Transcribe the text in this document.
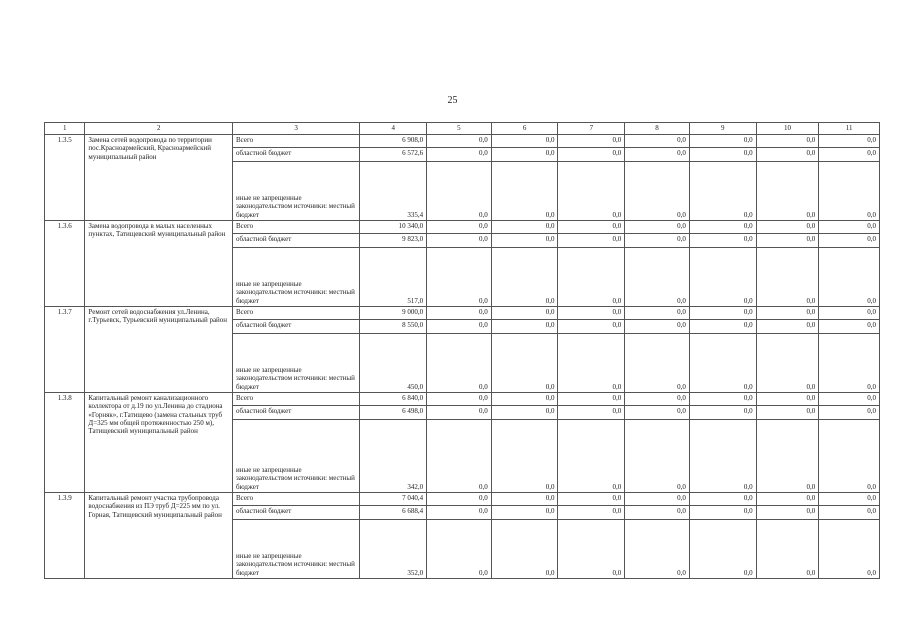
25
1	2	3	4	5	6	7	8	9	10	11
1.3.5	Замена сетей водопровода по территории пос.Красноармейский, Красноармейский муниципальный район	Всего	6 908,0	0,0	0,0	0,0	0,0	0,0	0,0	0,0
		областной бюджет	6 572,6	0,0	0,0	0,0	0,0	0,0	0,0	0,0
		иные не запрещенные законодательством источники: местный бюджет	335,4	0,0	0,0	0,0	0,0	0,0	0,0	0,0
1.3.6	Замена водопровода в малых населенных пунктах, Татищевский муниципальный район	Всего	10 340,0	0,0	0,0	0,0	0,0	0,0	0,0	0,0
		областной бюджет	9 823,0	0,0	0,0	0,0	0,0	0,0	0,0	0,0
		иные не запрещенные законодательством источники: местный бюджет	517,0	0,0	0,0	0,0	0,0	0,0	0,0	0,0
1.3.7	Ремонт сетей водоснабжения ул.Ленина, г.Турьевск, Турьевский муниципальный район	Всего	9 000,0	0,0	0,0	0,0	0,0	0,0	0,0	0,0
		областной бюджет	8 550,0	0,0	0,0	0,0	0,0	0,0	0,0	0,0
		иные не запрещенные законодательством источники: местный бюджет	450,0	0,0	0,0	0,0	0,0	0,0	0,0	0,0
1.3.8	Капитальный ремонт канализационного коллектора от д.19 по ул.Ленина до стадиона «Горняк», г.Татищево (замена стальных труб Д=325 мм общей протяженностью 250 м), Татищевский муниципальный район	Всего	6 840,0	0,0	0,0	0,0	0,0	0,0	0,0	0,0
		областной бюджет	6 498,0	0,0	0,0	0,0	0,0	0,0	0,0	0,0
		иные не запрещенные законодательством источники: местный бюджет	342,0	0,0	0,0	0,0	0,0	0,0	0,0	0,0
1.3.9	Капитальный ремонт участка трубопровода водоснабжения из ПЭ труб Д=225 мм по ул. Горная, Татищевский муниципальный район	Всего	7 040,4	0,0	0,0	0,0	0,0	0,0	0,0	0,0
		областной бюджет	6 688,4	0,0	0,0	0,0	0,0	0,0	0,0	0,0
		иные не запрещенные законодательством источники: местный бюджет	352,0	0,0	0,0	0,0	0,0	0,0	0,0	0,0
